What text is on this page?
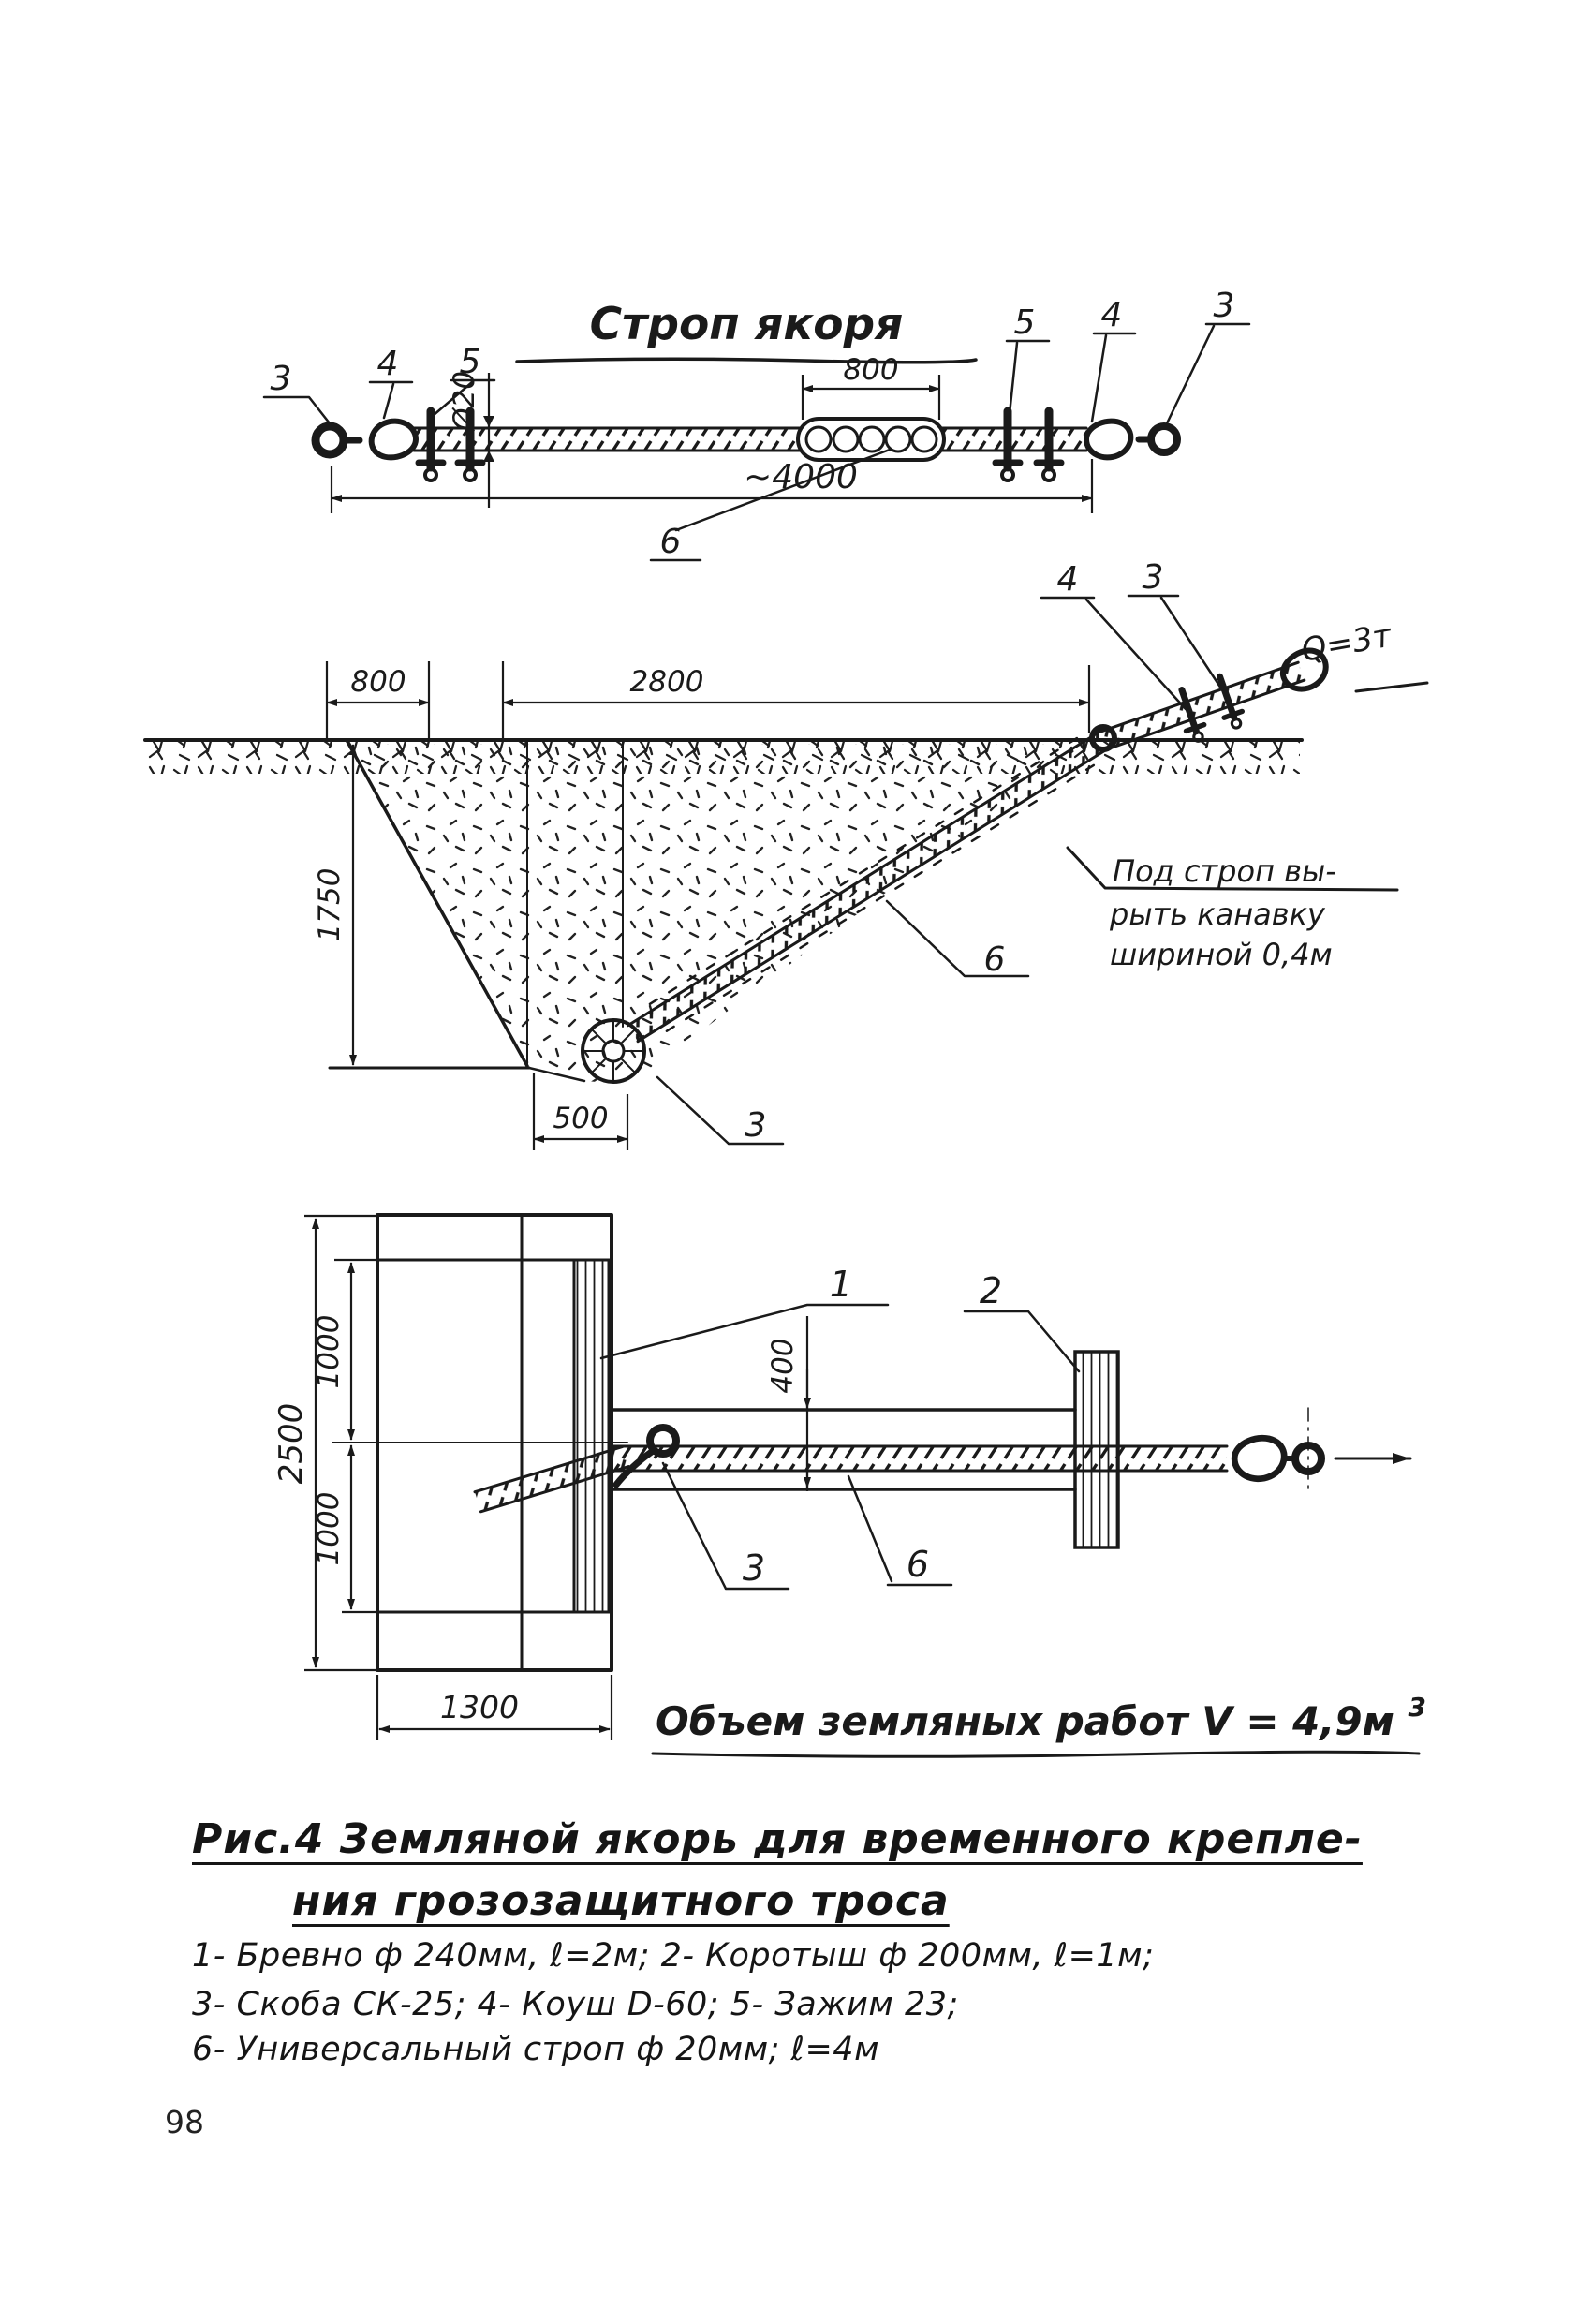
Строп якоря
Ø20
800
~4000
3	4 5
5 4	3
6
Q=3т
800	2800
1750
500
4 3
6
3
Под строп вы-
рыть канавку
шириной 0,4м
2500
1000
1000
400
1300
1	2
3	6
Объем земляных работ V = 4,9м $^3$
Рис.4 Земляной якорь для временного крепле-
ния грозозащитного троса
1- Бревно ф 240мм, ℓ=2м; 2- Коротыш ф 200мм, ℓ=1м;
3- Скоба СК-25; 4- Коуш D-60; 5- Зажим 23;
6- Универсальный строп ф 20мм; ℓ=4м
98
